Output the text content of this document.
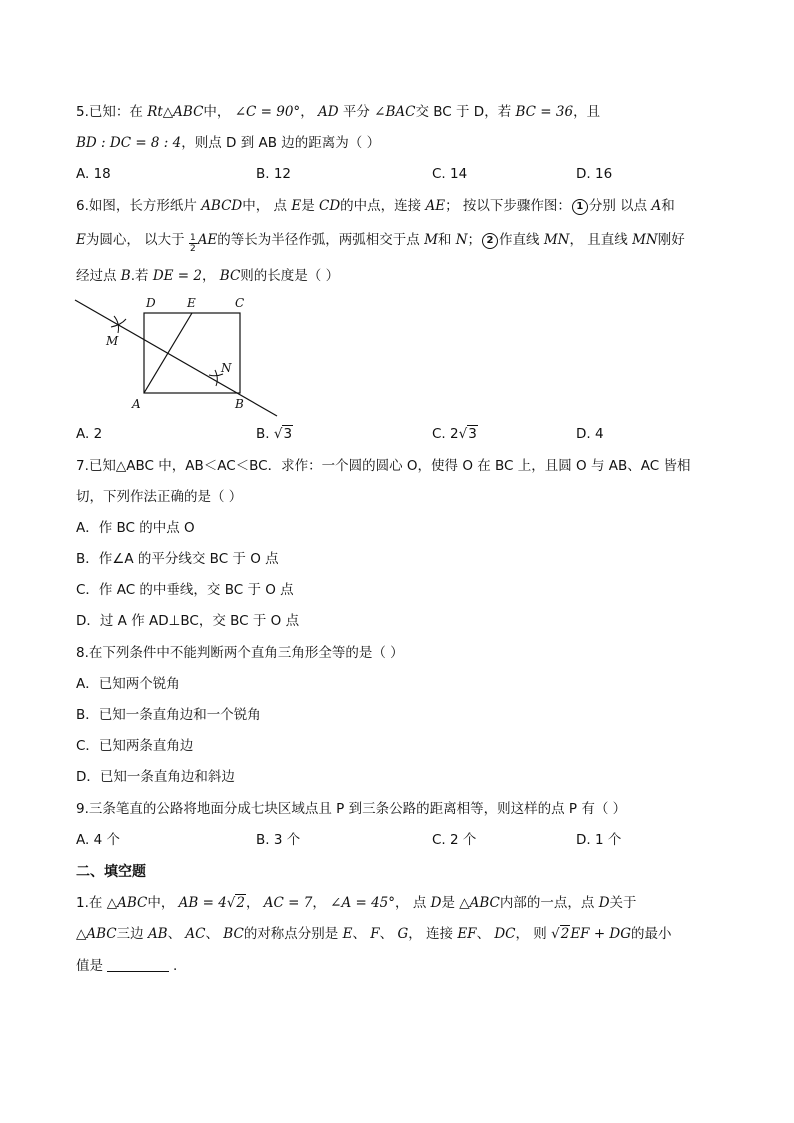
5.已知：在 Rt△ABC中， ∠C = 90°， AD 平分 ∠BAC交 BC 于 D，若 BC = 36，且
BD : DC = 8 : 4，则点 D 到 AB 边的距离为（ ）
A. 18	B. 12	C. 14	D. 16
6.如图，长方形纸片 ABCD中， 点 E是 CD的中点，连接 AE； 按以下步骤作图： 1 分别 以点 A和
E为圆心， 以大于 $\frac{1}{2}$ AE的等长为半径作弧，两弧相交于点 M和 N； 2 作直线 MN， 且直线 MN刚好
经过点 B.若 DE = 2， BC则的长度是（ ）
D	E	C
A	B
M
N
A. 2	B. √3	C. 2√3	D. 4
7.已知△ABC 中，AB＜AC＜BC．求作：一个圆的圆心 O，使得 O 在 BC 上，且圆 O 与 AB、AC 皆相
切，下列作法正确的是（ ）
A．作 BC 的中点 O
B．作∠A 的平分线交 BC 于 O 点
C．作 AC 的中垂线，交 BC 于 O 点
D．过 A 作 AD⊥BC，交 BC 于 O 点
8.在下列条件中不能判断两个直角三角形全等的是（ ）
A．已知两个锐角
B．已知一条直角边和一个锐角
C．已知两条直角边
D．已知一条直角边和斜边
9.三条笔直的公路将地面分成七块区域点且 P 到三条公路的距离相等，则这样的点 P 有（ ）
A. 4 个	B. 3 个	C. 2 个	D. 1 个
二、填空题
1.在 △ABC中， AB = 4√2， AC = 7， ∠A = 45°， 点 D是 △ABC内部的一点，点 D关于
△ABC三边 AB、 AC、 BC的对称点分别是 E、 F、 G， 连接 EF、 DC， 则 √2EF + DG的最小
值是	.
